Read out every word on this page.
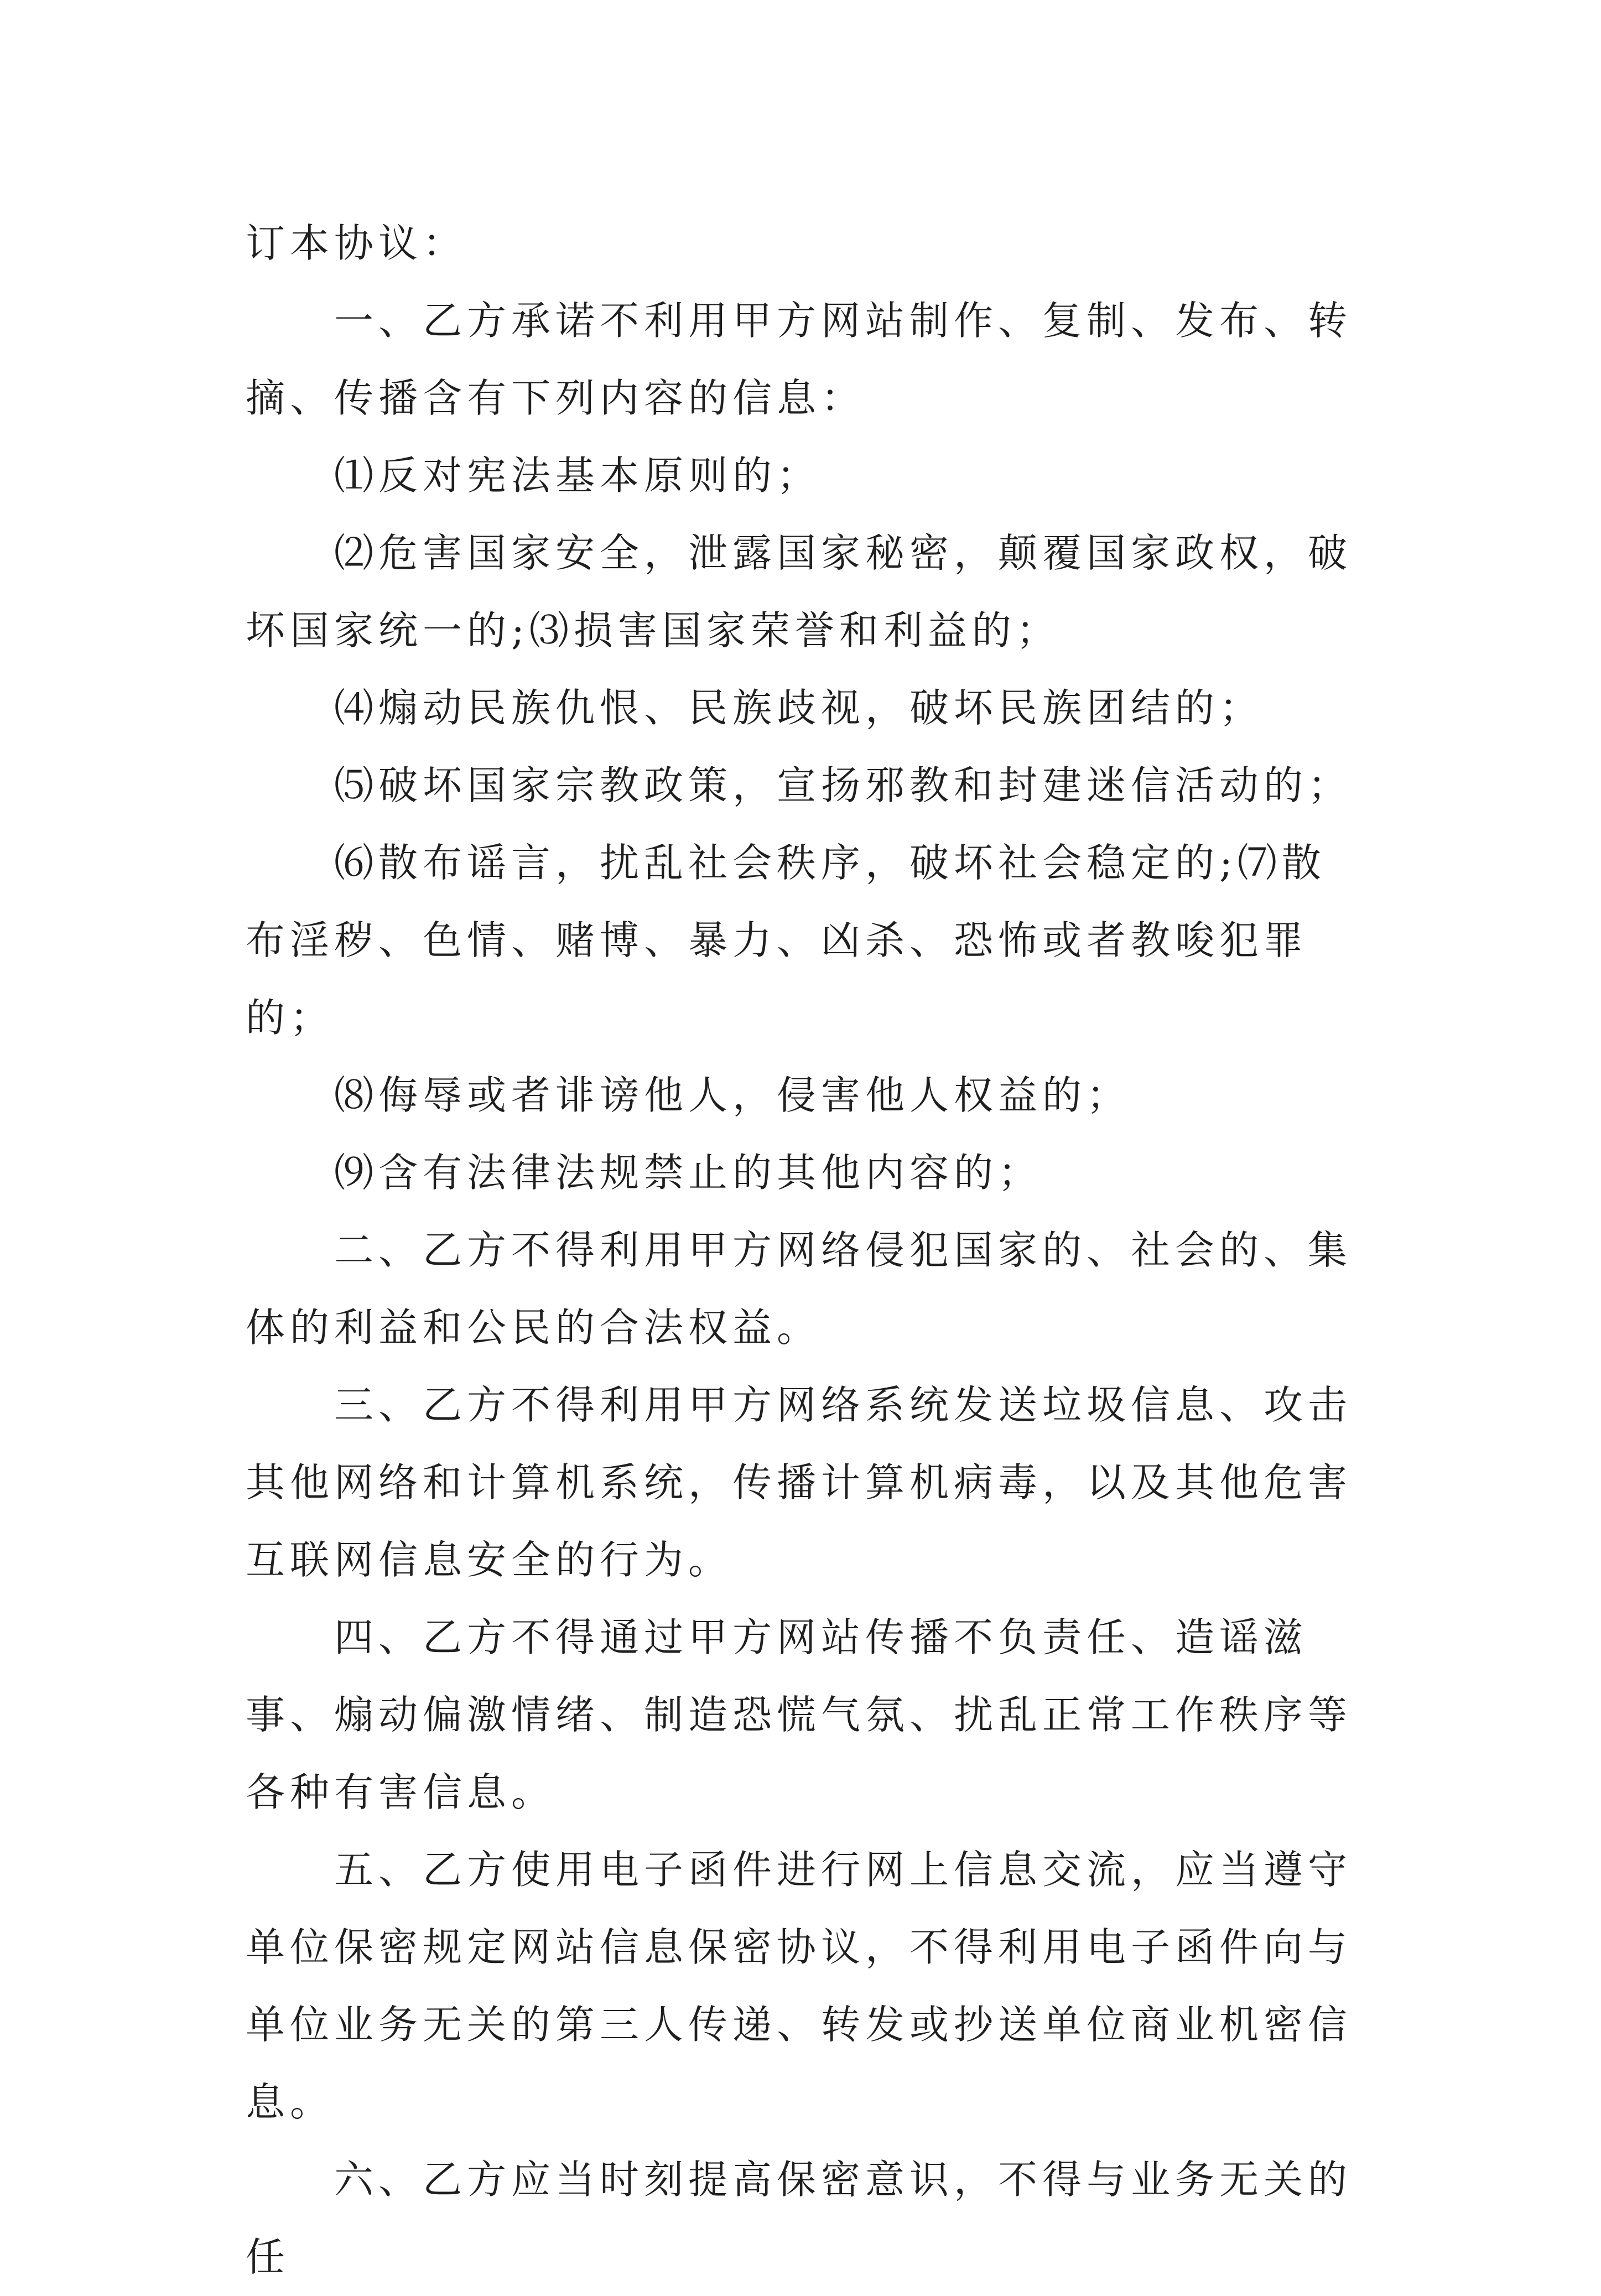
订本协议：

一、乙方承诺不利用甲方网站制作、复制、发布、转摘、传播含有下列内容的信息：

⑴反对宪法基本原则的；

⑵危害国家安全，泄露国家秘密，颠覆国家政权，破坏国家统一的;⑶损害国家荣誉和利益的；

⑷煽动民族仇恨、民族歧视，破坏民族团结的；

⑸破坏国家宗教政策，宣扬邪教和封建迷信活动的；

⑹散布谣言，扰乱社会秩序，破坏社会稳定的;⑺散布淫秽、色情、赌博、暴力、凶杀、恐怖或者教唆犯罪的；

⑻侮辱或者诽谤他人，侵害他人权益的；

⑼含有法律法规禁止的其他内容的；

二、乙方不得利用甲方网络侵犯国家的、社会的、集体的利益和公民的合法权益。

三、乙方不得利用甲方网络系统发送垃圾信息、攻击其他网络和计算机系统，传播计算机病毒，以及其他危害互联网信息安全的行为。

四、乙方不得通过甲方网站传播不负责任、造谣滋事、煽动偏激情绪、制造恐慌气氛、扰乱正常工作秩序等各种有害信息。

五、乙方使用电子函件进行网上信息交流，应当遵守单位保密规定网站信息保密协议，不得利用电子函件向与单位业务无关的第三人传递、转发或抄送单位商业机密信息。

六、乙方应当时刻提高保密意识，不得与业务无关的任
